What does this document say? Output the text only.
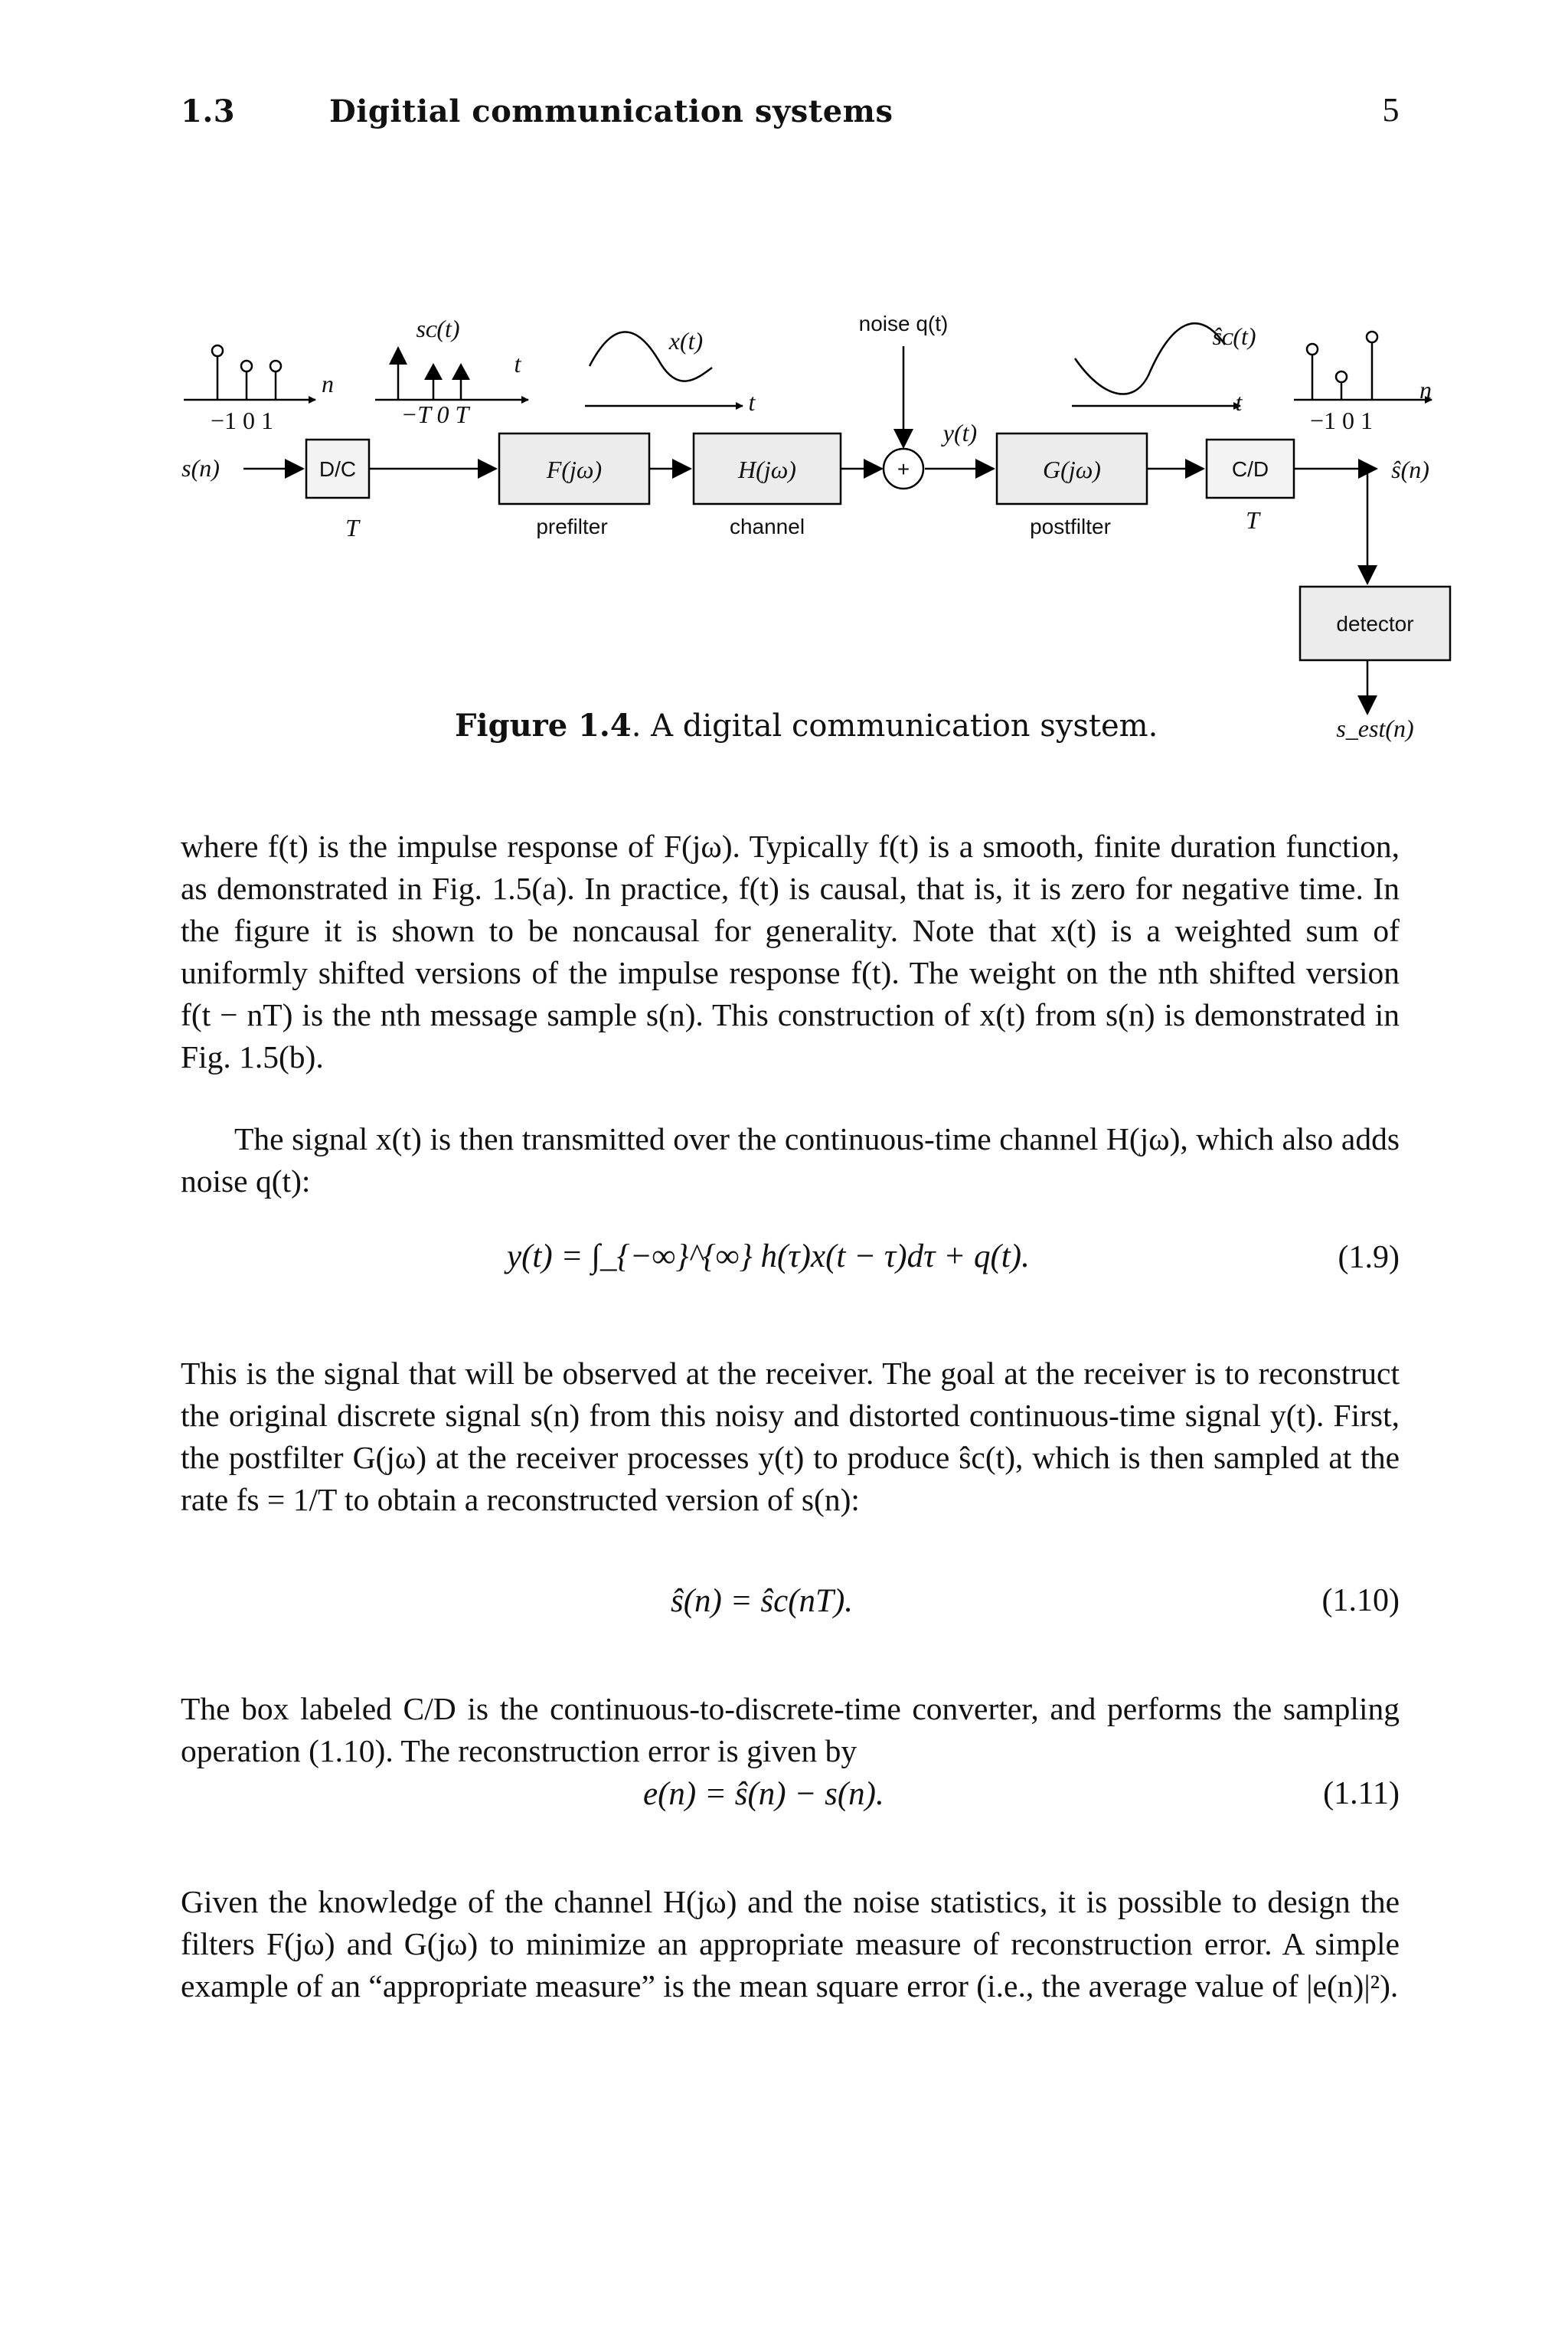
1.3	Digitial communication systems	5
D/C	C/D
detector
+
prefilter	channel	postfilter
noise q(t)
F(jω)	H(jω)	G(jω)
T	T
s(n)	ŝ(n)
n	n
t
t	t
sᴄ(t)	x(t)
y(t)
ŝᴄ(t)
s_est(n)
−1 0 1	−T 0 T	−1 0 1
Figure 1.4. A digital communication system.

where f(t) is the impulse response of F(jω). Typically f(t) is a smooth, finite duration function, as demonstrated in Fig. 1.5(a). In practice, f(t) is causal, that is, it is zero for negative time. In the figure it is shown to be noncausal for generality. Note that x(t) is a weighted sum of uniformly shifted versions of the impulse response f(t). The weight on the nth shifted version f(t − nT) is the nth message sample s(n). This construction of x(t) from s(n) is demonstrated in Fig. 1.5(b).

The signal x(t) is then transmitted over the continuous-time channel H(jω), which also adds noise q(t):

y(t) = ∫_{−∞}^{∞} h(τ)x(t − τ)dτ + q(t).	(1.9)

This is the signal that will be observed at the receiver. The goal at the receiver is to reconstruct the original discrete signal s(n) from this noisy and distorted continuous-time signal y(t). First, the postfilter G(jω) at the receiver processes y(t) to produce ŝc(t), which is then sampled at the rate fs = 1/T to obtain a reconstructed version of s(n):

ŝ(n) = ŝc(nT).	(1.10)

The box labeled C/D is the continuous-to-discrete-time converter, and performs the sampling operation (1.10). The reconstruction error is given by

e(n) = ŝ(n) − s(n).	(1.11)

Given the knowledge of the channel H(jω) and the noise statistics, it is possible to design the filters F(jω) and G(jω) to minimize an appropriate measure of reconstruction error. A simple example of an “appropriate measure” is the mean square error (i.e., the average value of |e(n)|²).
